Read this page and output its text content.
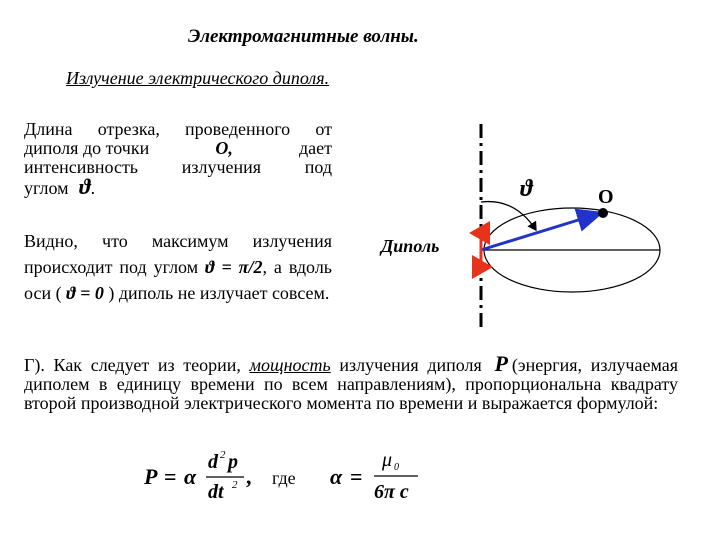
Электромагнитные волны.
Излучение электрического диполя.
Длина отрезка, проведенного от
диполя до точки	О,	дает
интенсивность излучения под
углом ϑ.
Видно, что максимум излучения происходит под углом ϑ = π/2, а вдоль оси ( ϑ = 0 ) диполь не излучает совсем.
Г). Как следует из теории, мощность излучения диполя P (энергия, излучаемая диполем в единицу времени по всем направлениям), пропорциональна квадрату второй производной электрического момента по времени и выражается формулой:
ϑ	O
Диполь
P = α
d 2 p
dt 2 , где α =
μ 0
6π c
